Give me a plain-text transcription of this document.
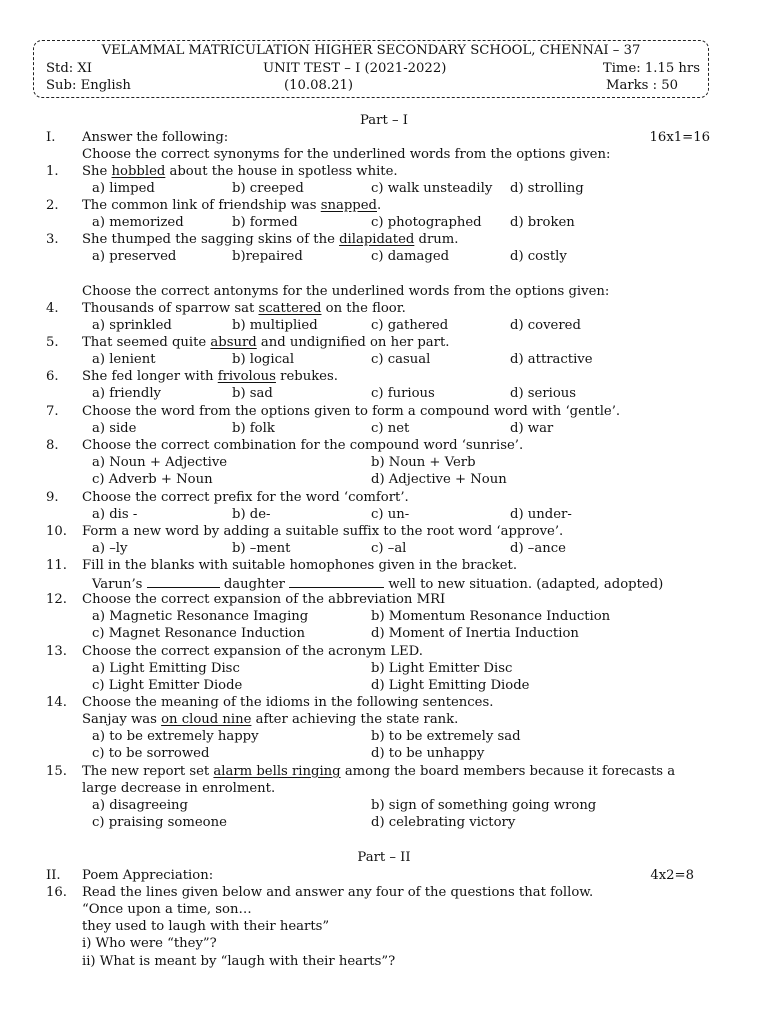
VELAMMAL MATRICULATION HIGHER SECONDARY SCHOOL, CHENNAI – 37
Std: XI	UNIT TEST – I (2021-2022)	Time: 1.15 hrs
Sub: English	(10.08.21)	Marks : 50
Part – I
I. Answer the following:	16x1=16
Choose the correct synonyms for the underlined words from the options given:
1. She hobbled about the house in spotless white.
a) limped	b) creeped	c) walk unsteadily d) strolling
2. The common link of friendship was snapped.
a) memorized	b) formed	c) photographed d) broken
3. She thumped the sagging skins of the dilapidated drum.
a) preserved	b)repaired	c) damaged	d) costly
Choose the correct antonyms for the underlined words from the options given:
4. Thousands of sparrow sat scattered on the floor.
a) sprinkled	b) multiplied	c) gathered	d) covered
5. That seemed quite absurd and undignified on her part.
a) lenient	b) logical	c) casual	d) attractive
6. She fed longer with frivolous rebukes.
a) friendly	b) sad	c) furious	d) serious
7. Choose the word from the options given to form a compound word with ‘gentle’.
a) side	b) folk	c) net	d) war
8. Choose the correct combination for the compound word ‘sunrise’.
a) Noun + Adjective	b) Noun + Verb
c) Adverb + Noun	d) Adjective + Noun
9. Choose the correct prefix for the word ‘comfort’.
a) dis -	b) de-	c) un-	d) under-
10. Form a new word by adding a suitable suffix to the root word ‘approve’.
a) –ly	b) –ment	c) –al	d) –ance
11. Fill in the blanks with suitable homophones given in the bracket.
Varun’s	daughter	well to new situation. (adapted, adopted)
12. Choose the correct expansion of the abbreviation MRI
a) Magnetic Resonance Imaging	b) Momentum Resonance Induction
c) Magnet Resonance Induction	d) Moment of Inertia Induction
13. Choose the correct expansion of the acronym LED.
a) Light Emitting Disc	b) Light Emitter Disc
c) Light Emitter Diode	d) Light Emitting Diode
14. Choose the meaning of the idioms in the following sentences.
Sanjay was on cloud nine after achieving the state rank.
a) to be extremely happy	b) to be extremely sad
c) to be sorrowed	d) to be unhappy
15. The new report set alarm bells ringing among the board members because it forecasts a
large decrease in enrolment.
a) disagreeing	b) sign of something going wrong
c) praising someone	d) celebrating victory
Part – II
II. Poem Appreciation:	4x2=8
16. Read the lines given below and answer any four of the questions that follow.
“Once upon a time, son…
they used to laugh with their hearts”
i) Who were “they”?
ii) What is meant by “laugh with their hearts”?
